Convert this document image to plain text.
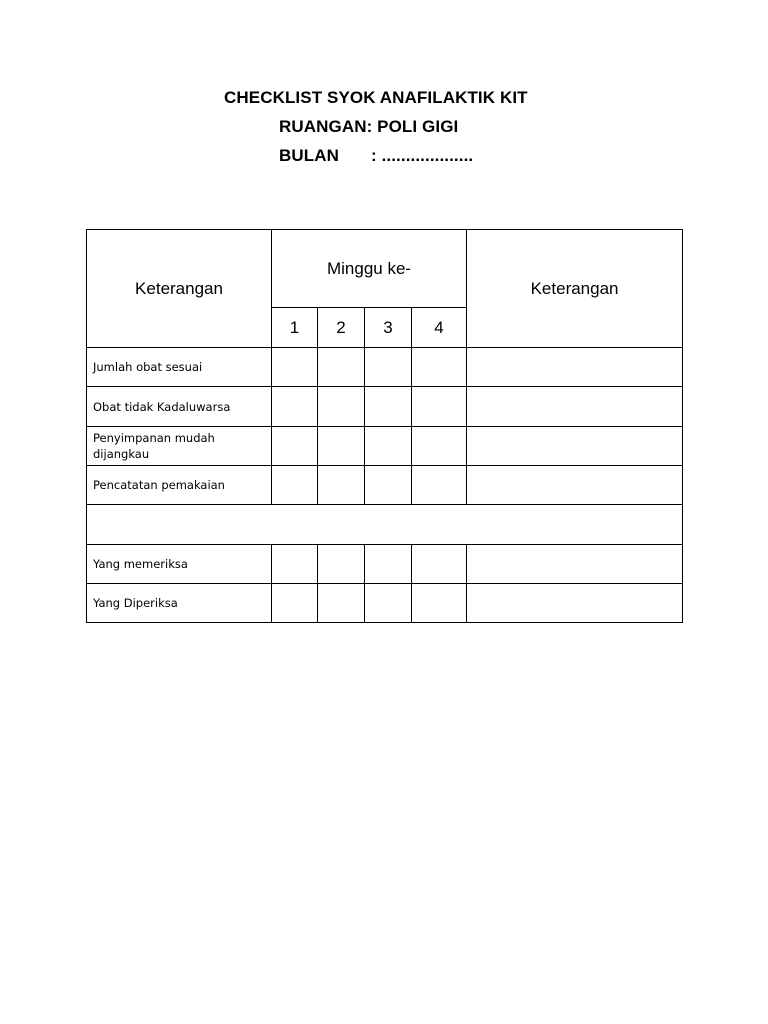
CHECKLIST SYOK ANAFILAKTIK KIT
RUANGAN: POLI GIGI
BULAN : ...................
Keterangan	Minggu ke-				Keterangan
	1	2	3	4	
Jumlah obat sesuai					
Obat tidak Kadaluwarsa					
Penyimpanan mudah dijangkau					
Pencatatan pemakaian					

Yang memeriksa					
Yang Diperiksa					
